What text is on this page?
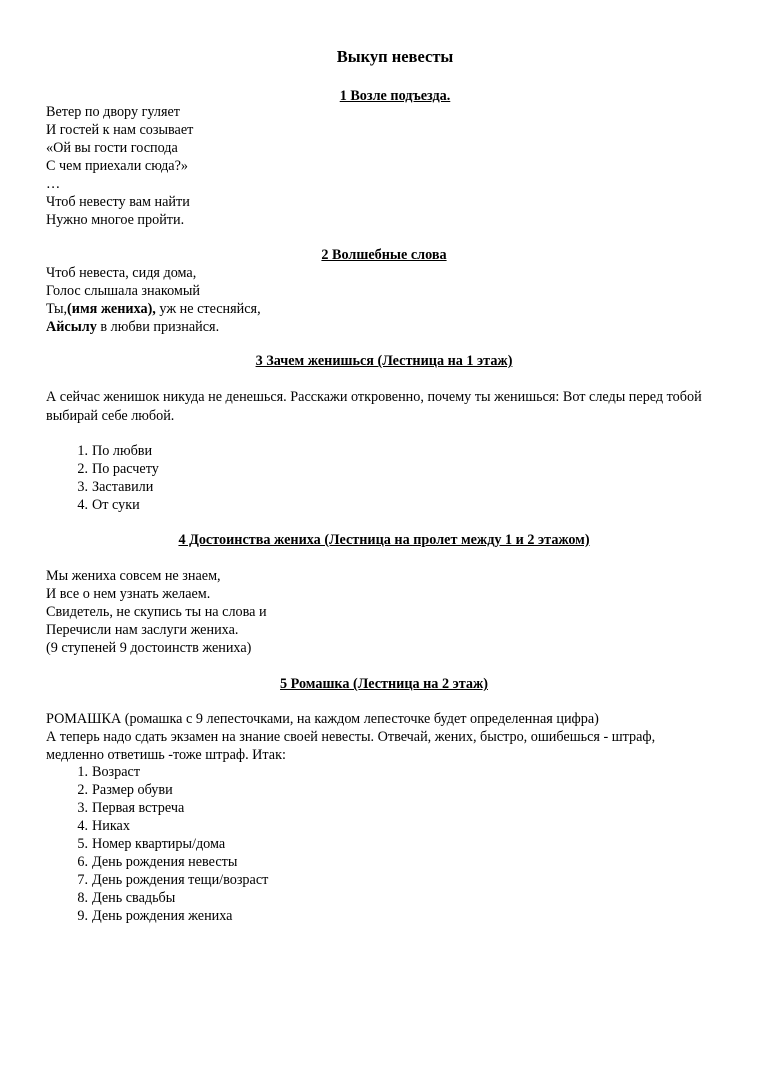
Выкуп невесты
1 Возле подъезда.
Ветер по двору гуляет
И гостей к нам созывает
«Ой вы гости господа
С чем приехали сюда?»
…
Чтоб невесту вам найти
Нужно многое пройти.
2 Волшебные слова
Чтоб невеста, сидя дома,
Голос слышала знакомый
Ты,(имя жениха), уж не стесняйся,
Айсылу в любви признайся.
3 Зачем женишься (Лестница на 1 этаж)
А сейчас женишок никуда не денешься. Расскажи откровенно, почему ты женишься: Вот следы перед тобой выбирай себе любой.
1. По любви
2. По расчету
3. Заставили
4. От суки
4 Достоинства жениха (Лестница на пролет между 1 и 2 этажом)
Мы жениха совсем не знаем,
И все о нем узнать желаем.
Свидетель, не скупись ты на слова и
Перечисли нам заслуги жениха.
(9 ступеней 9 достоинств жениха)
5 Ромашка (Лестница на 2 этаж)
РОМАШКА (ромашка с 9 лепесточками, на каждом лепесточке будет определенная цифра)
А теперь надо сдать экзамен на знание своей невесты. Отвечай, жених, быстро, ошибешься - штраф,
медленно ответишь -тоже штраф. Итак:
1. Возраст
2. Размер обуви
3. Первая встреча
4. Никах
5. Номер квартиры/дома
6. День рождения невесты
7. День рождения тещи/возраст
8. День свадьбы
9. День рождения жениха
